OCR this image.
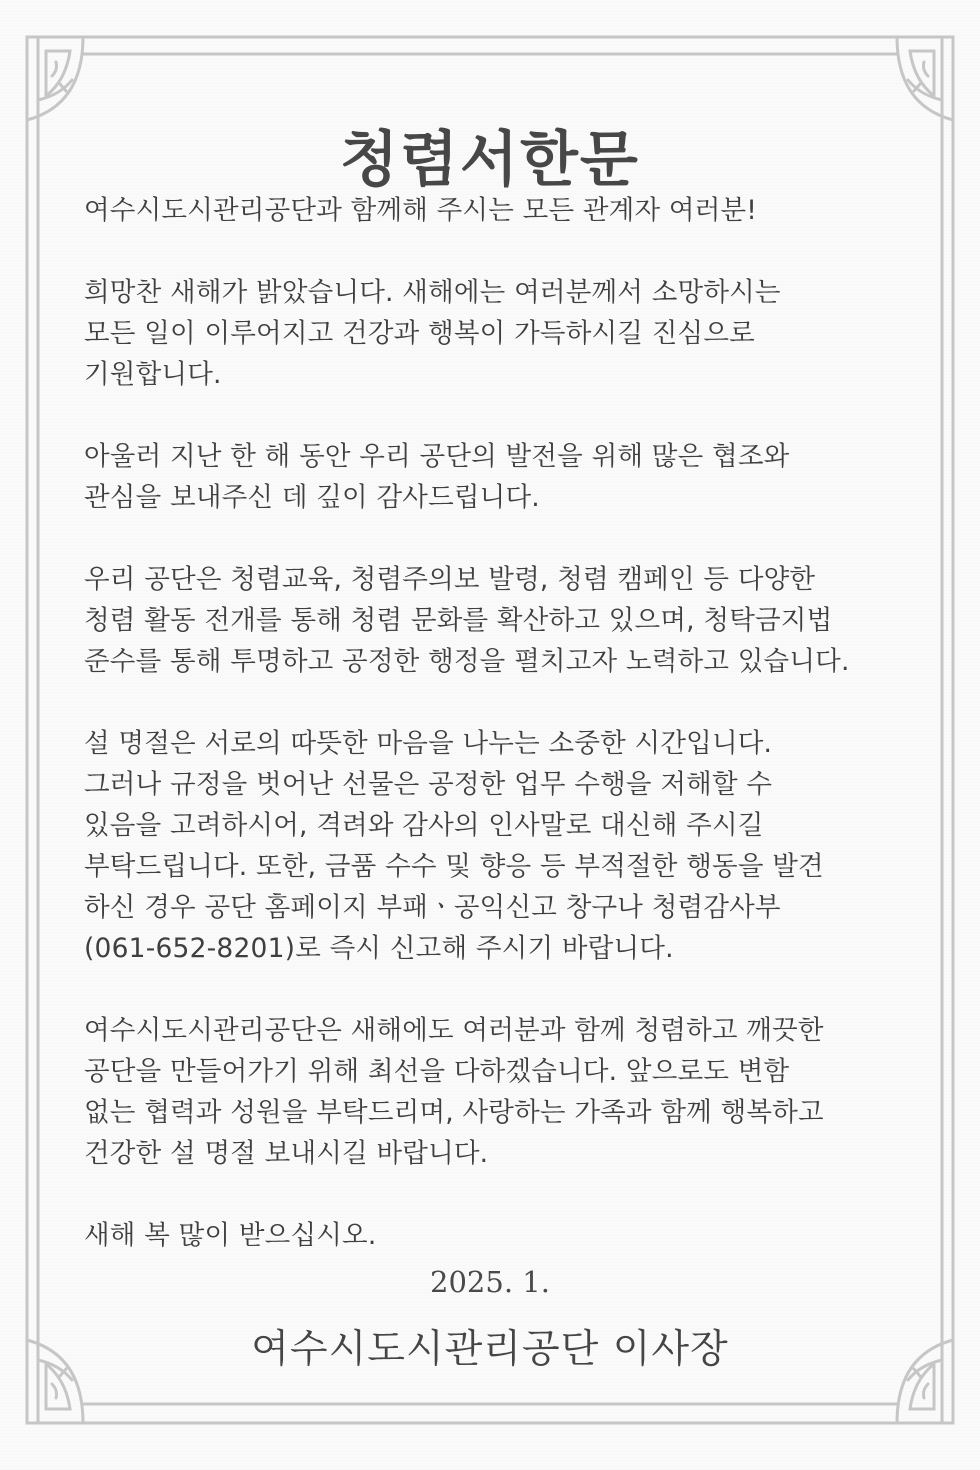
청렴서한문

여수시도시관리공단과 함께해 주시는 모든 관계자 여러분!

희망찬 새해가 밝았습니다. 새해에는 여러분께서 소망하시는
모든 일이 이루어지고 건강과 행복이 가득하시길 진심으로
기원합니다.

아울러 지난 한 해 동안 우리 공단의 발전을 위해 많은 협조와
관심을 보내주신 데 깊이 감사드립니다.

우리 공단은 청렴교육, 청렴주의보 발령, 청렴 캠페인 등 다양한
청렴 활동 전개를 통해 청렴 문화를 확산하고 있으며, 청탁금지법
준수를 통해 투명하고 공정한 행정을 펼치고자 노력하고 있습니다.

설 명절은 서로의 따뜻한 마음을 나누는 소중한 시간입니다.
그러나 규정을 벗어난 선물은 공정한 업무 수행을 저해할 수
있음을 고려하시어, 격려와 감사의 인사말로 대신해 주시길
부탁드립니다. 또한, 금품 수수 및 향응 등 부적절한 행동을 발견
하신 경우 공단 홈페이지 부패ㆍ공익신고 창구나 청렴감사부
(061-652-8201)로 즉시 신고해 주시기 바랍니다.

여수시도시관리공단은 새해에도 여러분과 함께 청렴하고 깨끗한
공단을 만들어가기 위해 최선을 다하겠습니다. 앞으로도 변함
없는 협력과 성원을 부탁드리며, 사랑하는 가족과 함께 행복하고
건강한 설 명절 보내시길 바랍니다.

새해 복 많이 받으십시오.

2025. 1.
여수시도시관리공단 이사장
